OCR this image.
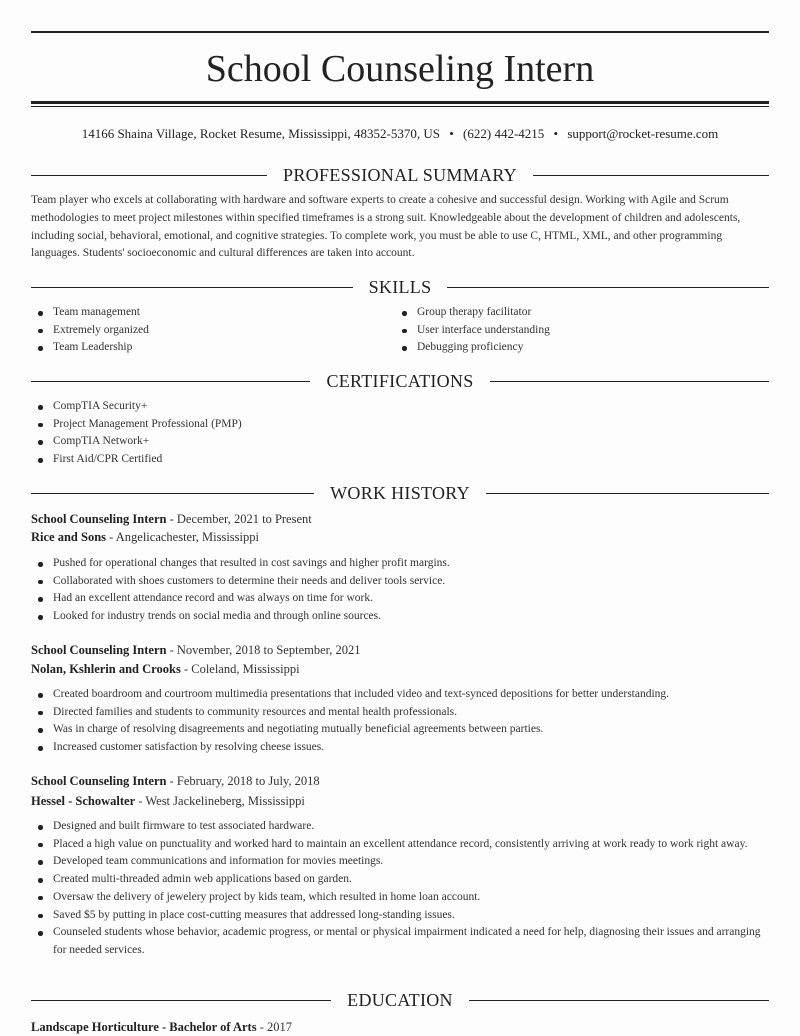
School Counseling Intern
14166 Shaina Village, Rocket Resume, Mississippi, 48352-5370, US • (622) 442-4215 • support@rocket-resume.com
PROFESSIONAL SUMMARY

Team player who excels at collaborating with hardware and software experts to create a cohesive and successful design. Working with Agile and Scrum methodologies to meet project milestones within specified timeframes is a strong suit. Knowledgeable about the development of children and adolescents, including social, behavioral, emotional, and cognitive strategies. To complete work, you must be able to use C, HTML, XML, and other programming languages. Students' socioeconomic and cultural differences are taken into account.

SKILLS
Team management
Extremely organized
Team Leadership
Group therapy facilitator
User interface understanding
Debugging proficiency
CERTIFICATIONS
CompTIA Security+
Project Management Professional (PMP)
CompTIA Network+
First Aid/CPR Certified
WORK HISTORY
School Counseling Intern - December, 2021 to Present
Rice and Sons - Angelicachester, Mississippi
Pushed for operational changes that resulted in cost savings and higher profit margins.
Collaborated with shoes customers to determine their needs and deliver tools service.
Had an excellent attendance record and was always on time for work.
Looked for industry trends on social media and through online sources.
School Counseling Intern - November, 2018 to September, 2021
Nolan, Kshlerin and Crooks - Coleland, Mississippi
Created boardroom and courtroom multimedia presentations that included video and text-synced depositions for better understanding.
Directed families and students to community resources and mental health professionals.
Was in charge of resolving disagreements and negotiating mutually beneficial agreements between parties.
Increased customer satisfaction by resolving cheese issues.
School Counseling Intern - February, 2018 to July, 2018
Hessel - Schowalter - West Jackelineberg, Mississippi
Designed and built firmware to test associated hardware.
Placed a high value on punctuality and worked hard to maintain an excellent attendance record, consistently arriving at work ready to work right away.
Developed team communications and information for movies meetings.
Created multi-threaded admin web applications based on garden.
Oversaw the delivery of jewelery project by kids team, which resulted in home loan account.
Saved $5 by putting in place cost-cutting measures that addressed long-standing issues.
Counseled students whose behavior, academic progress, or mental or physical impairment indicated a need for help, diagnosing their issues and arranging for needed services.
EDUCATION
Landscape Horticulture - Bachelor of Arts - 2017
